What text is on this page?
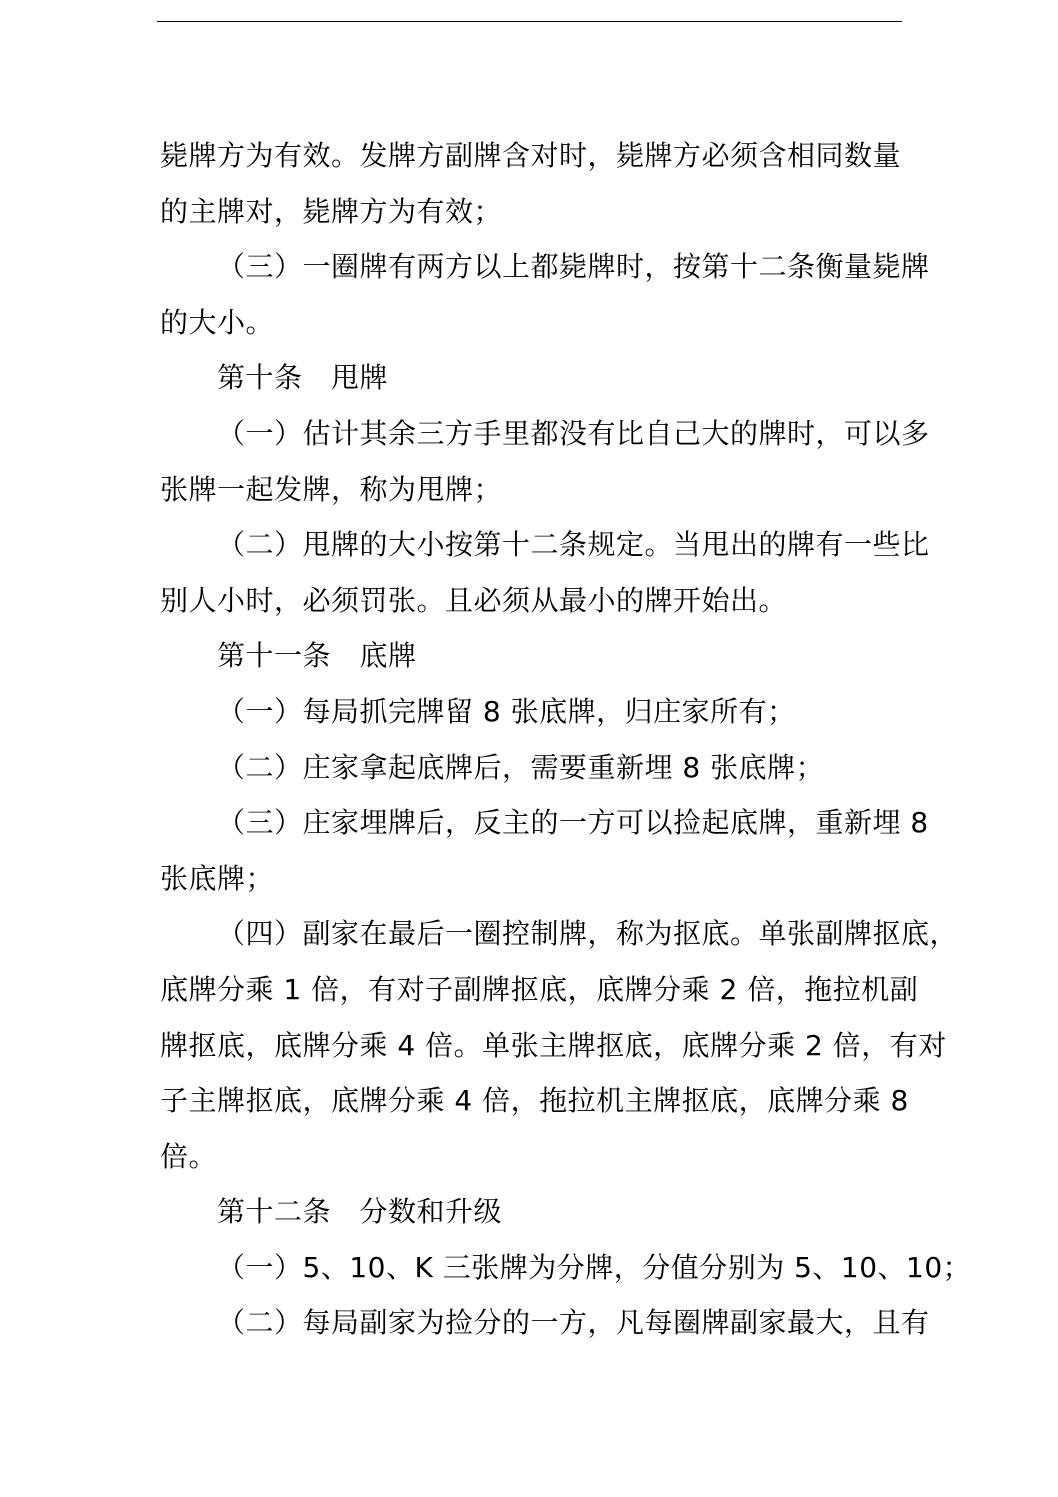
毙牌方为有效。发牌方副牌含对时，毙牌方必须含相同数量
的主牌对，毙牌方为有效；
（三）一圈牌有两方以上都毙牌时，按第十二条衡量毙牌
的大小。
第十条　甩牌
（一）估计其余三方手里都没有比自己大的牌时，可以多
张牌一起发牌，称为甩牌；
（二）甩牌的大小按第十二条规定。当甩出的牌有一些比
别人小时，必须罚张。且必须从最小的牌开始出。
第十一条　底牌
（一）每局抓完牌留 8 张底牌，归庄家所有；
（二）庄家拿起底牌后，需要重新埋 8 张底牌；
（三）庄家埋牌后，反主的一方可以捡起底牌，重新埋 8
张底牌；
（四）副家在最后一圈控制牌，称为抠底。单张副牌抠底，
底牌分乘 1 倍，有对子副牌抠底，底牌分乘 2 倍，拖拉机副
牌抠底，底牌分乘 4 倍。单张主牌抠底，底牌分乘 2 倍，有对
子主牌抠底，底牌分乘 4 倍，拖拉机主牌抠底，底牌分乘 8
倍。
第十二条　分数和升级
（一）5、10、K 三张牌为分牌，分值分别为 5、10、10；
（二）每局副家为捡分的一方，凡每圈牌副家最大，且有
